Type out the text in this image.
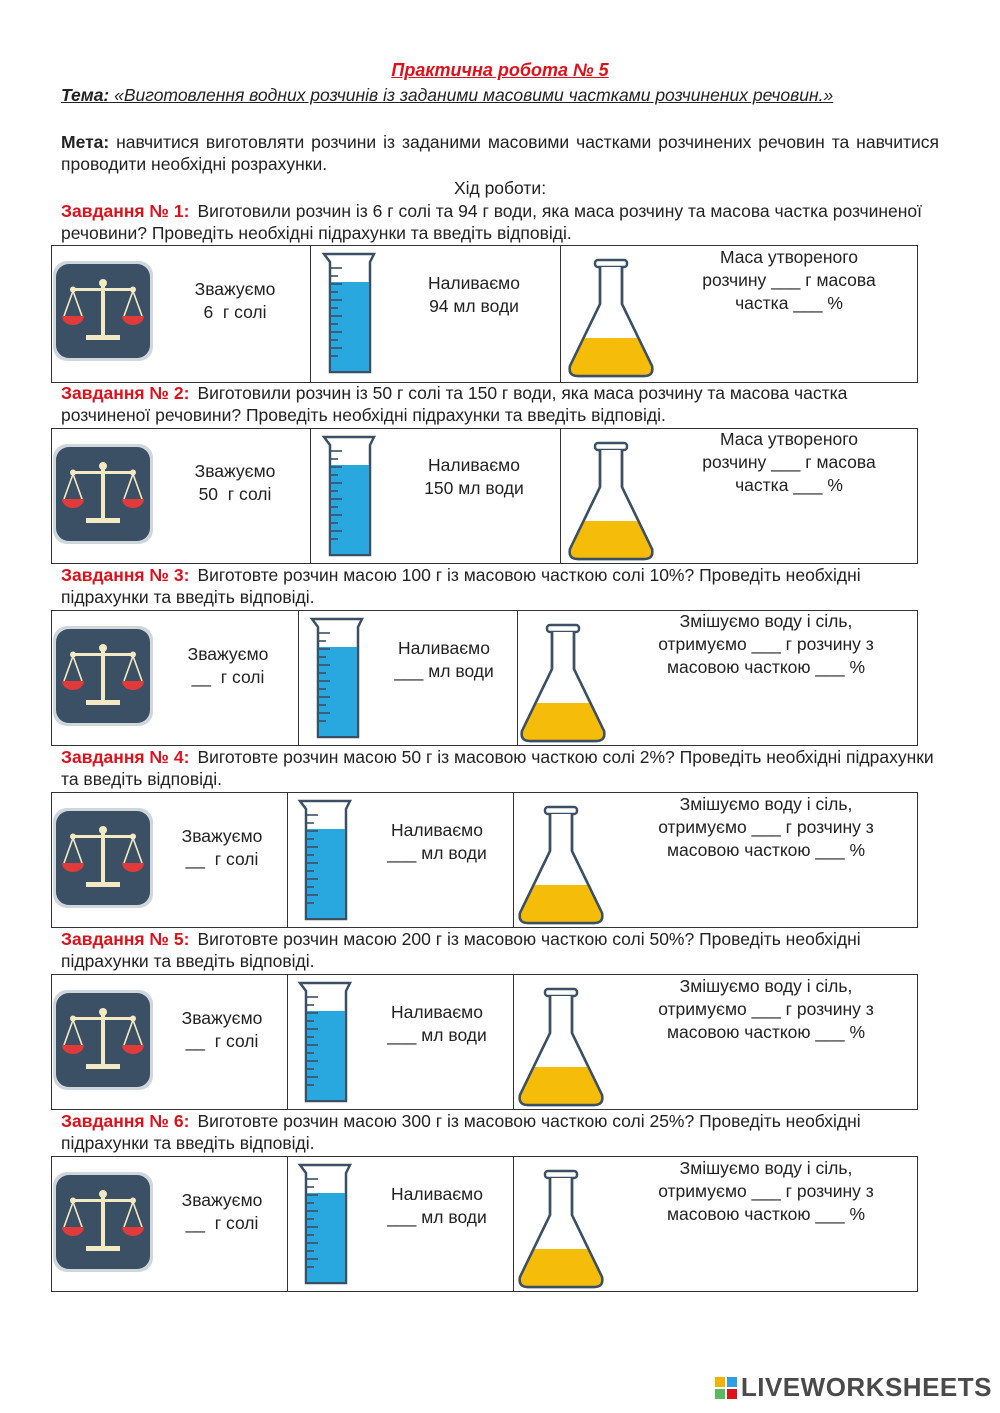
Практична робота № 5
Тема: «Виготовлення водних розчинів із заданими масовими частками розчинених речовин.»
Мета: навчитися виготовляти розчини із заданими масовими частками розчинених речовин та навчитися проводити необхідні розрахунки.
Хід роботи:
Завдання № 1: Виготовили розчин із 6 г солі та 94 г води, яка маса розчину та масова частка розчиненої речовини? Проведіть необхідні підрахунки та введіть відповіді.
Зважуємо
6  г солі
Наливаємо
94 мл води
Маса утвореного
розчину ___ г масова
частка ___ %
Завдання № 2: Виготовили розчин із 50 г солі та 150 г води, яка маса розчину та масова частка розчиненої речовини? Проведіть необхідні підрахунки та введіть відповіді.
Зважуємо
50  г солі
Наливаємо
150 мл води
Маса утвореного
розчину ___ г масова
частка ___ %
Завдання № 3: Виготовте розчин масою 100 г із масовою часткою солі 10%? Проведіть необхідні підрахунки та введіть відповіді.
Зважуємо
__  г солі
Наливаємо
___ мл води
Змішуємо воду і сіль,
отримуємо ___ г розчину з
масовою часткою ___ %
Завдання № 4: Виготовте розчин масою 50 г із масовою часткою солі 2%? Проведіть необхідні підрахунки та введіть відповіді.
Зважуємо
__  г солі
Наливаємо
___ мл води
Змішуємо воду і сіль,
отримуємо ___ г розчину з
масовою часткою ___ %
Завдання № 5: Виготовте розчин масою 200 г із масовою часткою солі 50%? Проведіть необхідні підрахунки та введіть відповіді.
Зважуємо
__  г солі
Наливаємо
___ мл води
Змішуємо воду і сіль,
отримуємо ___ г розчину з
масовою часткою ___ %
Завдання № 6: Виготовте розчин масою 300 г із масовою часткою солі 25%? Проведіть необхідні підрахунки та введіть відповіді.
Зважуємо
__  г солі
Наливаємо
___ мл води
Змішуємо воду і сіль,
отримуємо ___ г розчину з
масовою часткою ___ %
LIVEWORKSHEETS
